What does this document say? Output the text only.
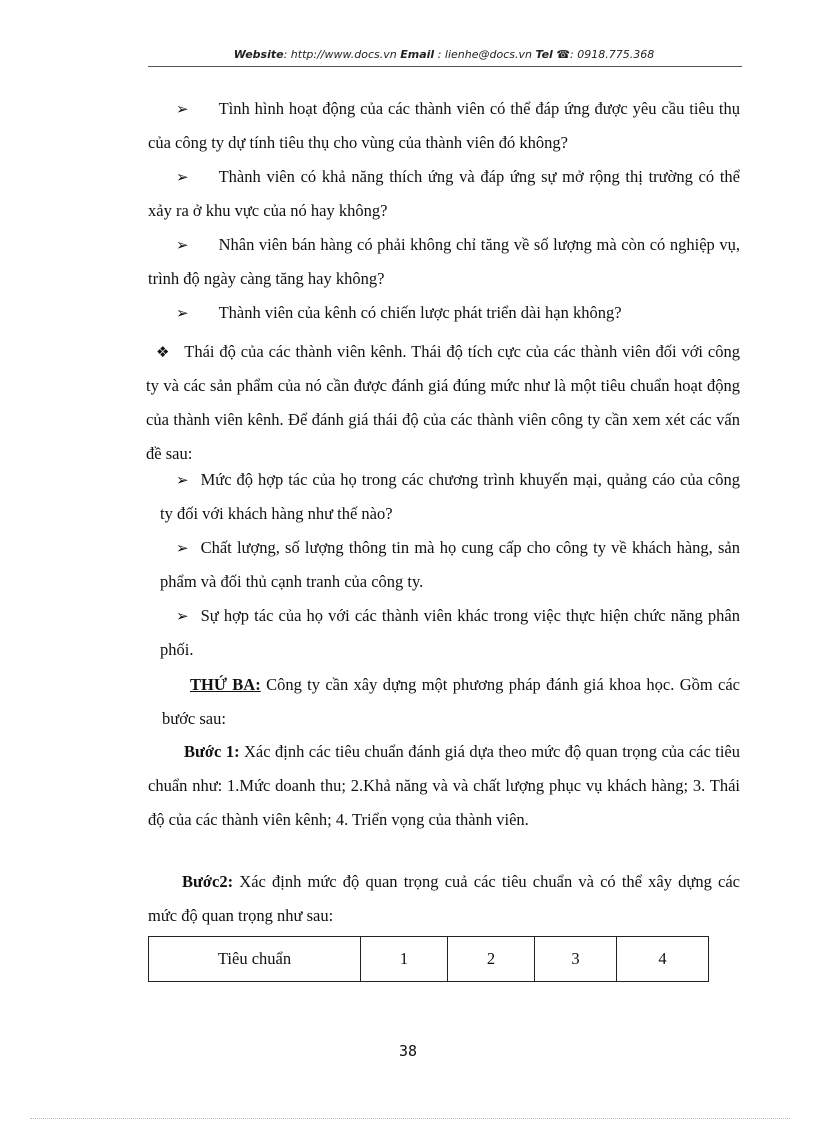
Website: http://www.docs.vn Email : lienhe@docs.vn Tel ☎: 0918.775.368

➢ Tình hình hoạt động của các thành viên có thể đáp ứng được yêu cầu tiêu thụ của công ty dự tính tiêu thụ cho vùng của thành viên đó không?

➢ Thành viên có khả năng thích ứng và đáp ứng sự mở rộng thị trường có thể xảy ra ở khu vực của nó hay không?

➢ Nhân viên bán hàng có phải không chỉ tăng về số lượng mà còn có nghiệp vụ, trình độ ngày càng tăng hay không?

➢ Thành viên của kênh có chiến lược phát triển dài hạn không?

❖ Thái độ của các thành viên kênh. Thái độ tích cực của các thành viên đối với công ty và các sản phẩm của nó cần được đánh giá đúng mức như là một tiêu chuẩn hoạt động của thành viên kênh. Để đánh giá thái độ của các thành viên công ty cần xem xét các vấn đề sau:

➢ Mức độ hợp tác của họ trong các chương trình khuyến mại, quảng cáo của công ty đối với khách hàng như thế nào?

➢ Chất lượng, số lượng thông tin mà họ cung cấp cho công ty về khách hàng, sản phẩm và đối thủ cạnh tranh của công ty.

➢ Sự hợp tác của họ với các thành viên khác trong việc thực hiện chức năng phân phối.

THỨ BA: Công ty cần xây dựng một phương pháp đánh giá khoa học. Gồm các bước sau:

Bước 1: Xác định các tiêu chuẩn đánh giá dựa theo mức độ quan trọng của các tiêu chuẩn như: 1.Mức doanh thu; 2.Khả năng và và chất lượng phục vụ khách hàng; 3. Thái độ của các thành viên kênh; 4. Triển vọng của thành viên.

Bước2: Xác định mức độ quan trọng cuả các tiêu chuẩn và có thể xây dựng các mức độ quan trọng như sau:

Tiêu chuẩn	1	2	3	4
38
